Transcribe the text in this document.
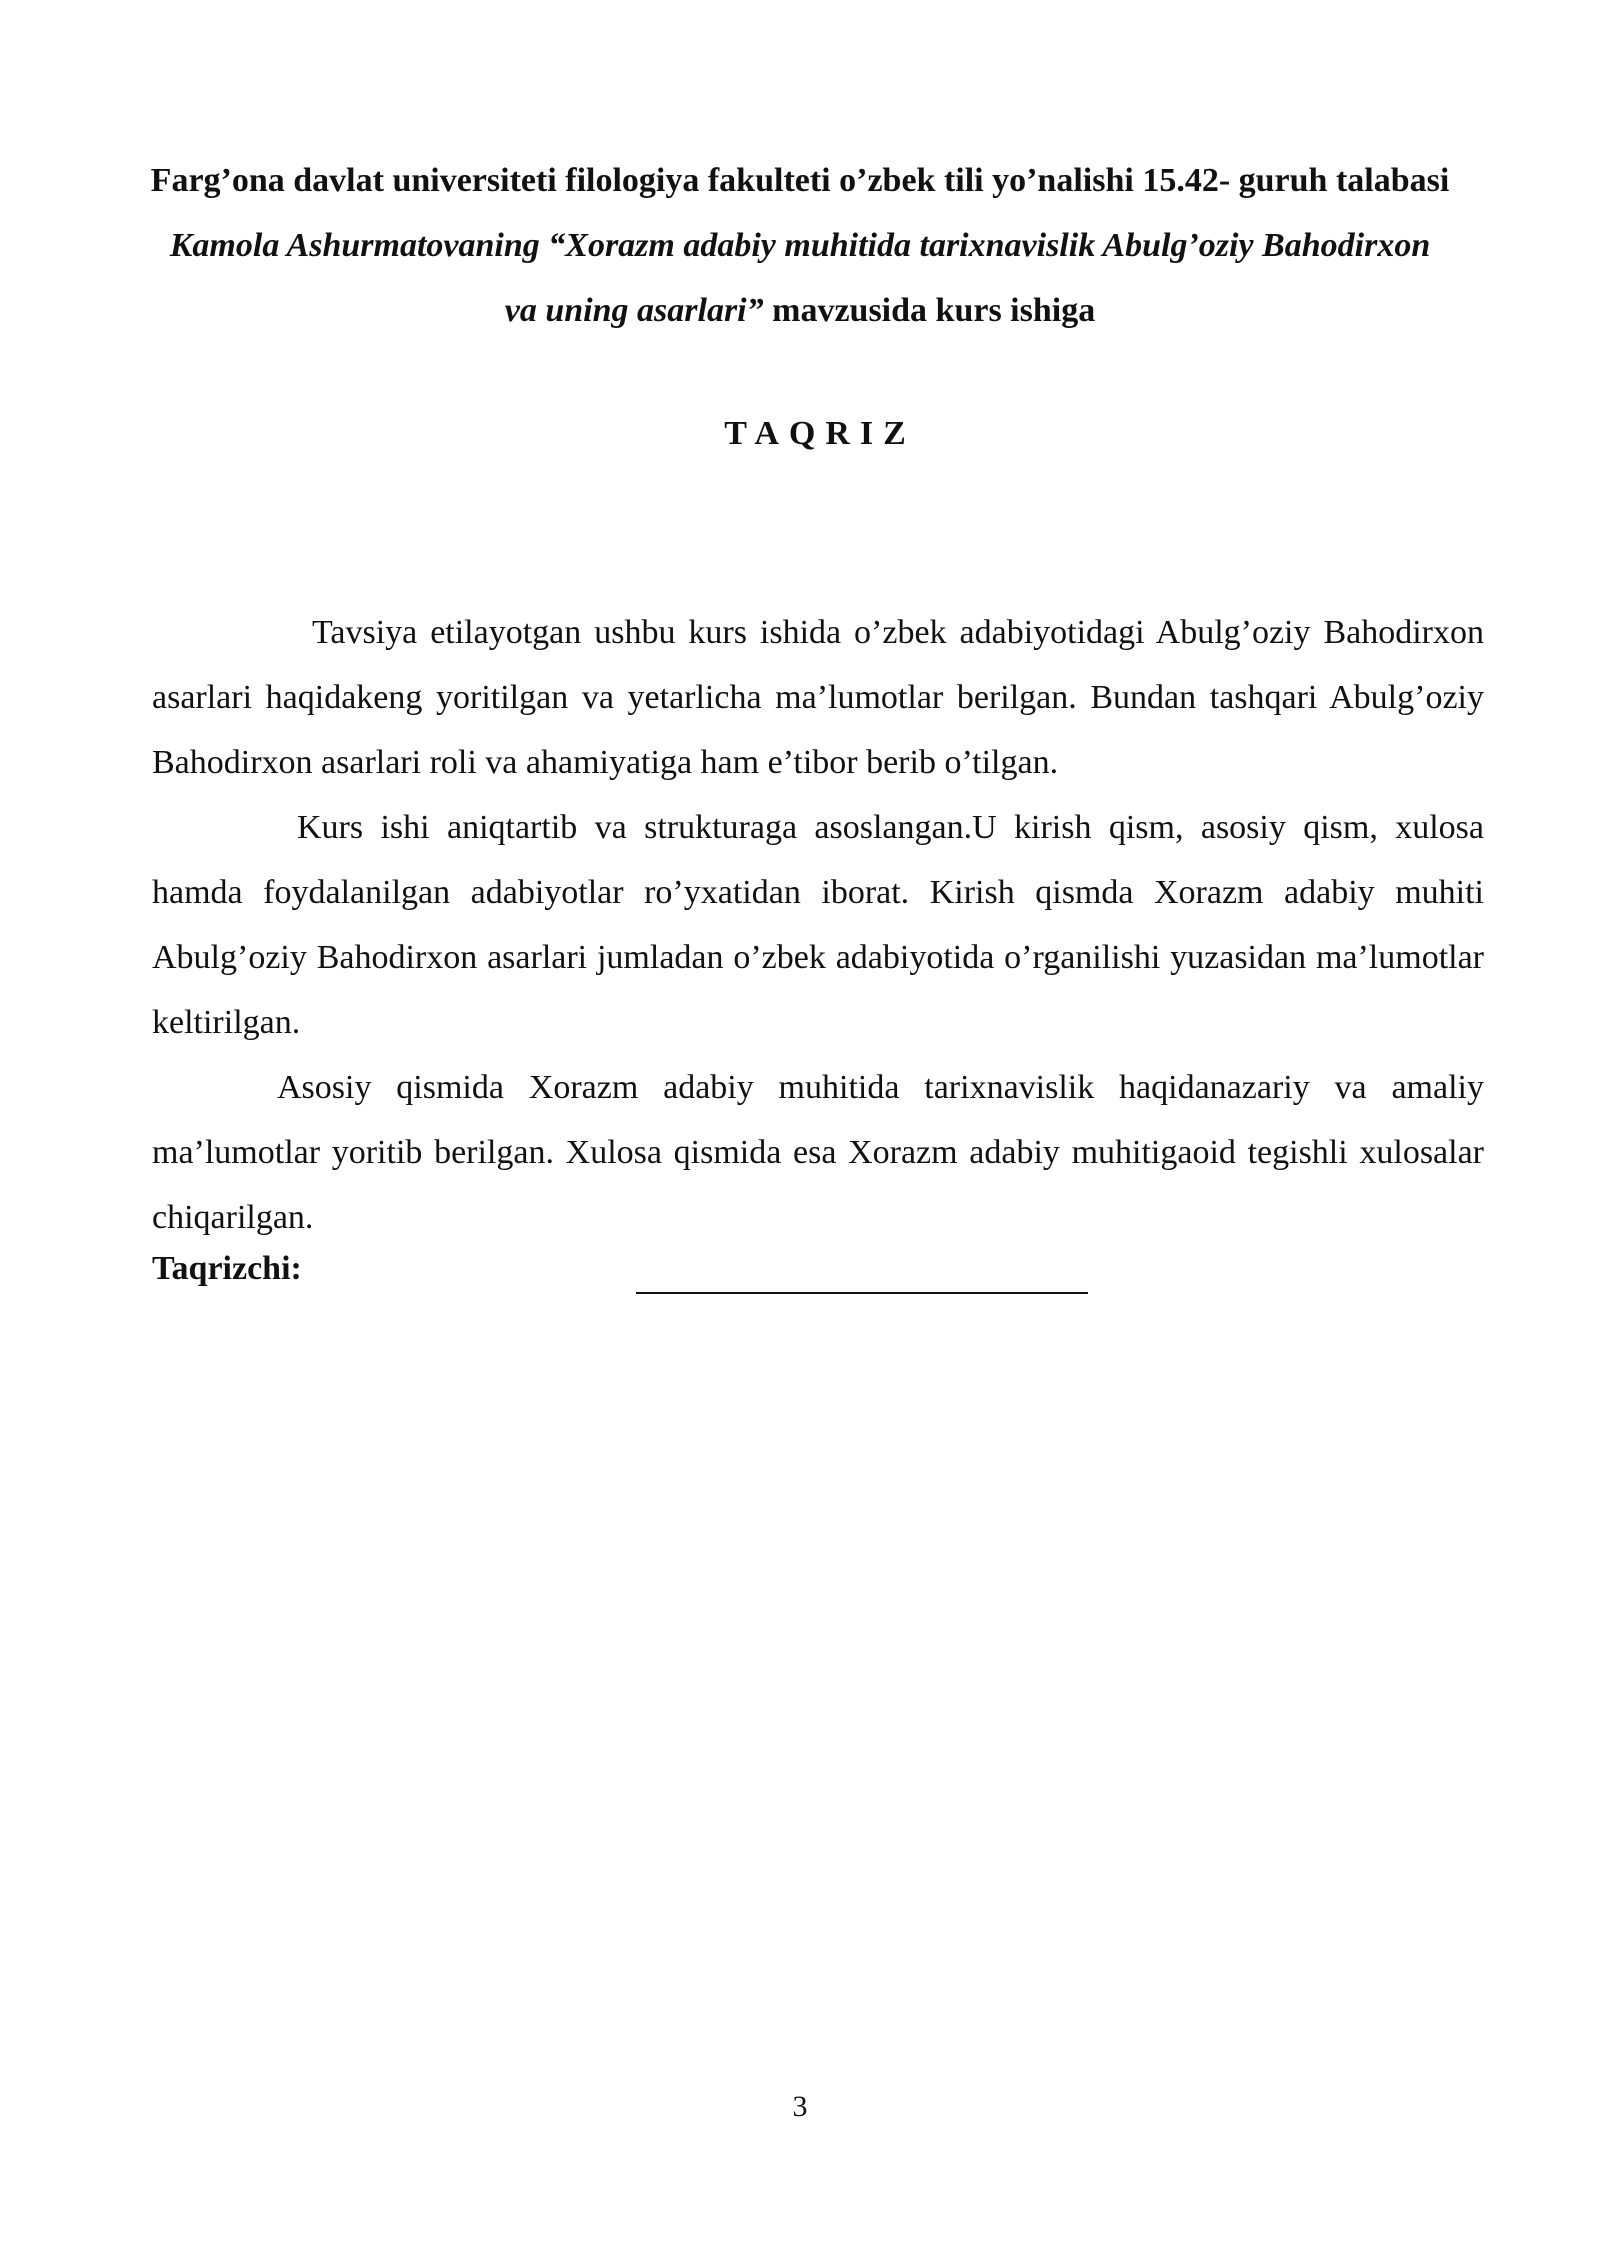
Farg’ona davlat universiteti filologiya fakulteti o’zbek tili yo’nalishi 15.42- guruh talabasi Kamola Ashurmatovaning “Xorazm adabiy muhitida tarixnavislik Abulg’oziy Bahodirxon va uning asarlari” mavzusida kurs ishiga
TAQRIZ

Tavsiya etilayotgan ushbu kurs ishida o’zbek adabiyotidagi Abulg’oziy Bahodirxon asarlari haqidakeng yoritilgan va yetarlicha ma’lumotlar berilgan. Bundan tashqari Abulg’oziy Bahodirxon asarlari roli va ahamiyatiga ham e’tibor berib o’tilgan.

Kurs ishi aniqtartib va strukturaga asoslangan.U kirish qism, asosiy qism, xulosa hamda foydalanilgan adabiyotlar ro’yxatidan iborat. Kirish qismda Xorazm adabiy muhiti Abulg’oziy Bahodirxon asarlari jumladan o’zbek adabiyotida o’rganilishi yuzasidan ma’lumotlar keltirilgan.

Asosiy qismida Xorazm adabiy muhitida tarixnavislik haqidanazariy va amaliy ma’lumotlar yoritib berilgan. Xulosa qismida esa Xorazm adabiy muhitigaoid tegishli xulosalar chiqarilgan.

Taqrizchi:
3
